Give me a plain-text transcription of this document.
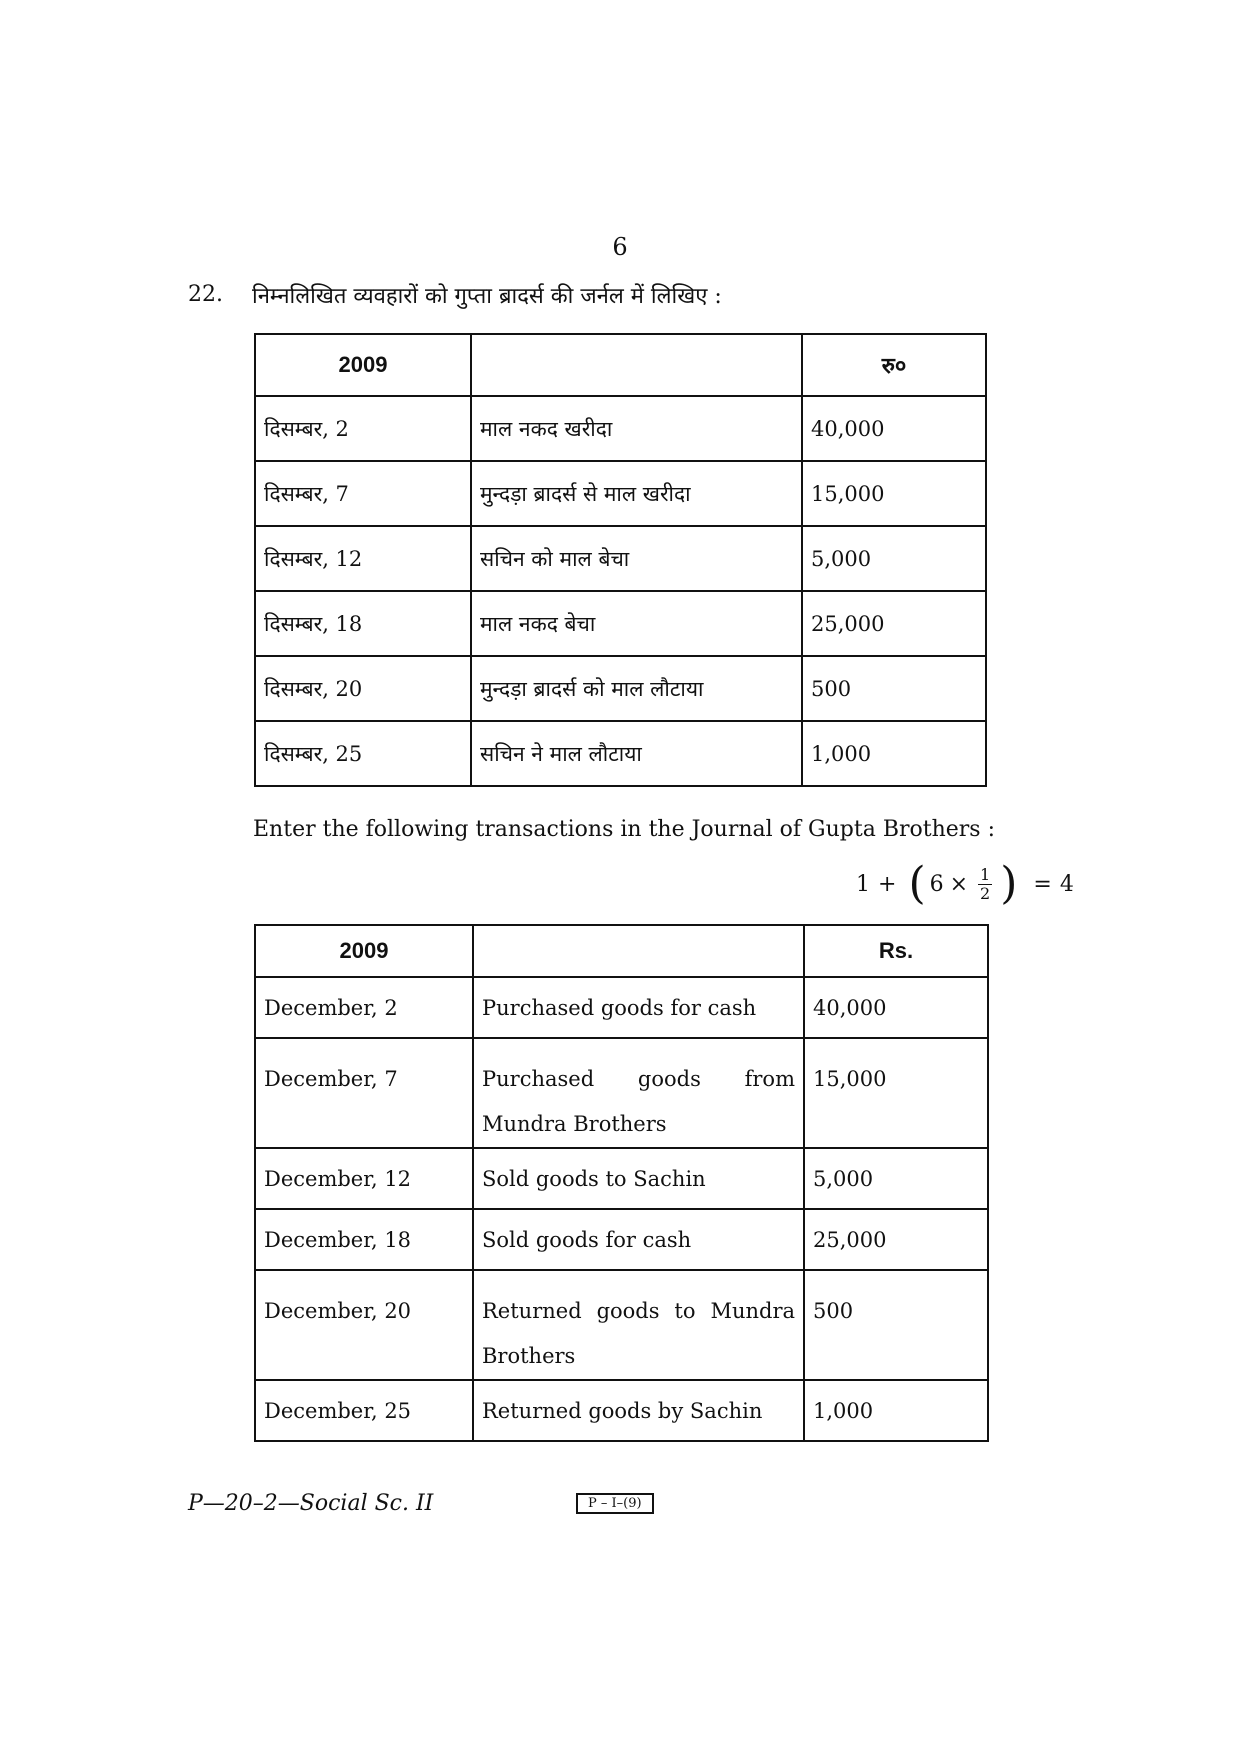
6
22. निम्नलिखित व्यवहारों को गुप्ता ब्रादर्स की जर्नल में लिखिए :
2009		रु०
दिसम्बर, 2	माल नकद खरीदा	40,000
दिसम्बर, 7	मुन्दड़ा ब्रादर्स से माल खरीदा	15,000
दिसम्बर, 12	सचिन को माल बेचा	5,000
दिसम्बर, 18	माल नकद बेचा	25,000
दिसम्बर, 20	मुन्दड़ा ब्रादर्स को माल लौटाया	500
दिसम्बर, 25	सचिन ने माल लौटाया	1,000
Enter the following transactions in the Journal of Gupta Brothers :
1 + ( $6 \times \frac{1}{2}$ ) = 4
2009		Rs.
December, 2	Purchased goods for cash	40,000
December, 7	Purchased goods from Mundra Brothers	15,000
December, 12	Sold goods to Sachin	5,000
December, 18	Sold goods for cash	25,000
December, 20	Returned goods to Mundra Brothers	500
December, 25	Returned goods by Sachin	1,000
P—20–2—Social Sc. II	P – I–(9)
